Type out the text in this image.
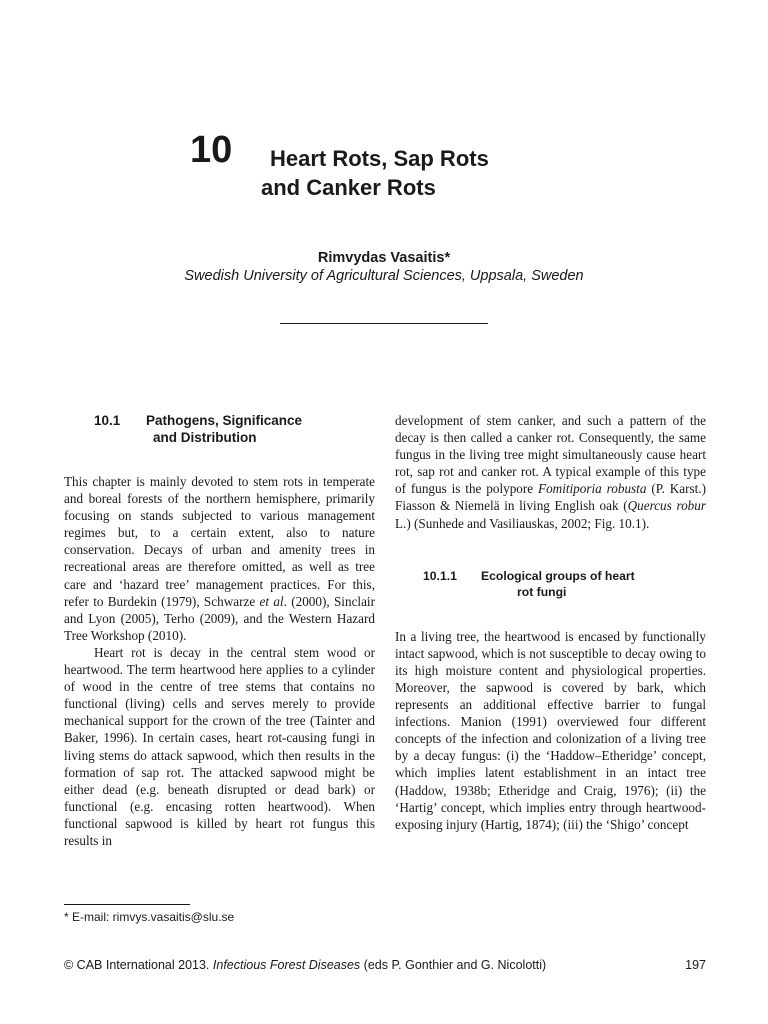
10 Heart Rots, Sap Rots
and Canker Rots
Rimvydas Vasaitis*
Swedish University of Agricultural Sciences, Uppsala, Sweden
10.1 Pathogens, Significance
and Distribution

This chapter is mainly devoted to stem rots in temperate and boreal forests of the northern hemisphere, primarily focusing on stands subjected to various management regimes but, to a certain extent, also to nature conservation. Decays of urban and amenity trees in recreational areas are therefore omitted, as well as tree care and ‘hazard tree’ management practices. For this, refer to Burdekin (1979), Schwarze et al. (2000), Sinclair and Lyon (2005), Terho (2009), and the Western Hazard Tree Workshop (2010).

Heart rot is decay in the central stem wood or heartwood. The term heartwood here applies to a cylinder of wood in the centre of tree stems that contains no functional (living) cells and serves merely to provide mechanical support for the crown of the tree (Tainter and Baker, 1996). In certain cases, heart rot-causing fungi in living stems do attack sapwood, which then results in the formation of sap rot. The attacked sapwood might be either dead (e.g. beneath disrupted or dead bark) or functional (e.g. encasing rotten heartwood). When functional sapwood is killed by heart rot fungus this results in

development of stem canker, and such a pattern of the decay is then called a canker rot. Consequently, the same fungus in the living tree might simultaneously cause heart rot, sap rot and canker rot. A typical example of this type of fungus is the polypore Fomitiporia robusta (P. Karst.) Fiasson & Niemelä in living English oak (Quercus robur L.) (Sunhede and Vasiliauskas, 2002; Fig. 10.1).

10.1.1 Ecological groups of heart
rot fungi

In a living tree, the heartwood is encased by functionally intact sapwood, which is not susceptible to decay owing to its high moisture content and physiological properties. Moreover, the sapwood is covered by bark, which represents an additional effective barrier to fungal infections. Manion (1991) overviewed four different concepts of the infection and colonization of a living tree by a decay fungus: (i) the ‘Haddow–Etheridge’ concept, which implies latent establishment in an intact tree (Haddow, 1938b; Etheridge and Craig, 1976); (ii) the ‘Hartig’ concept, which implies entry through heartwood-exposing injury (Hartig, 1874); (iii) the ‘Shigo’ concept

* E-mail: rimvys.vasaitis@slu.se
© CAB International 2013. Infectious Forest Diseases (eds P. Gonthier and G. Nicolotti)	197
